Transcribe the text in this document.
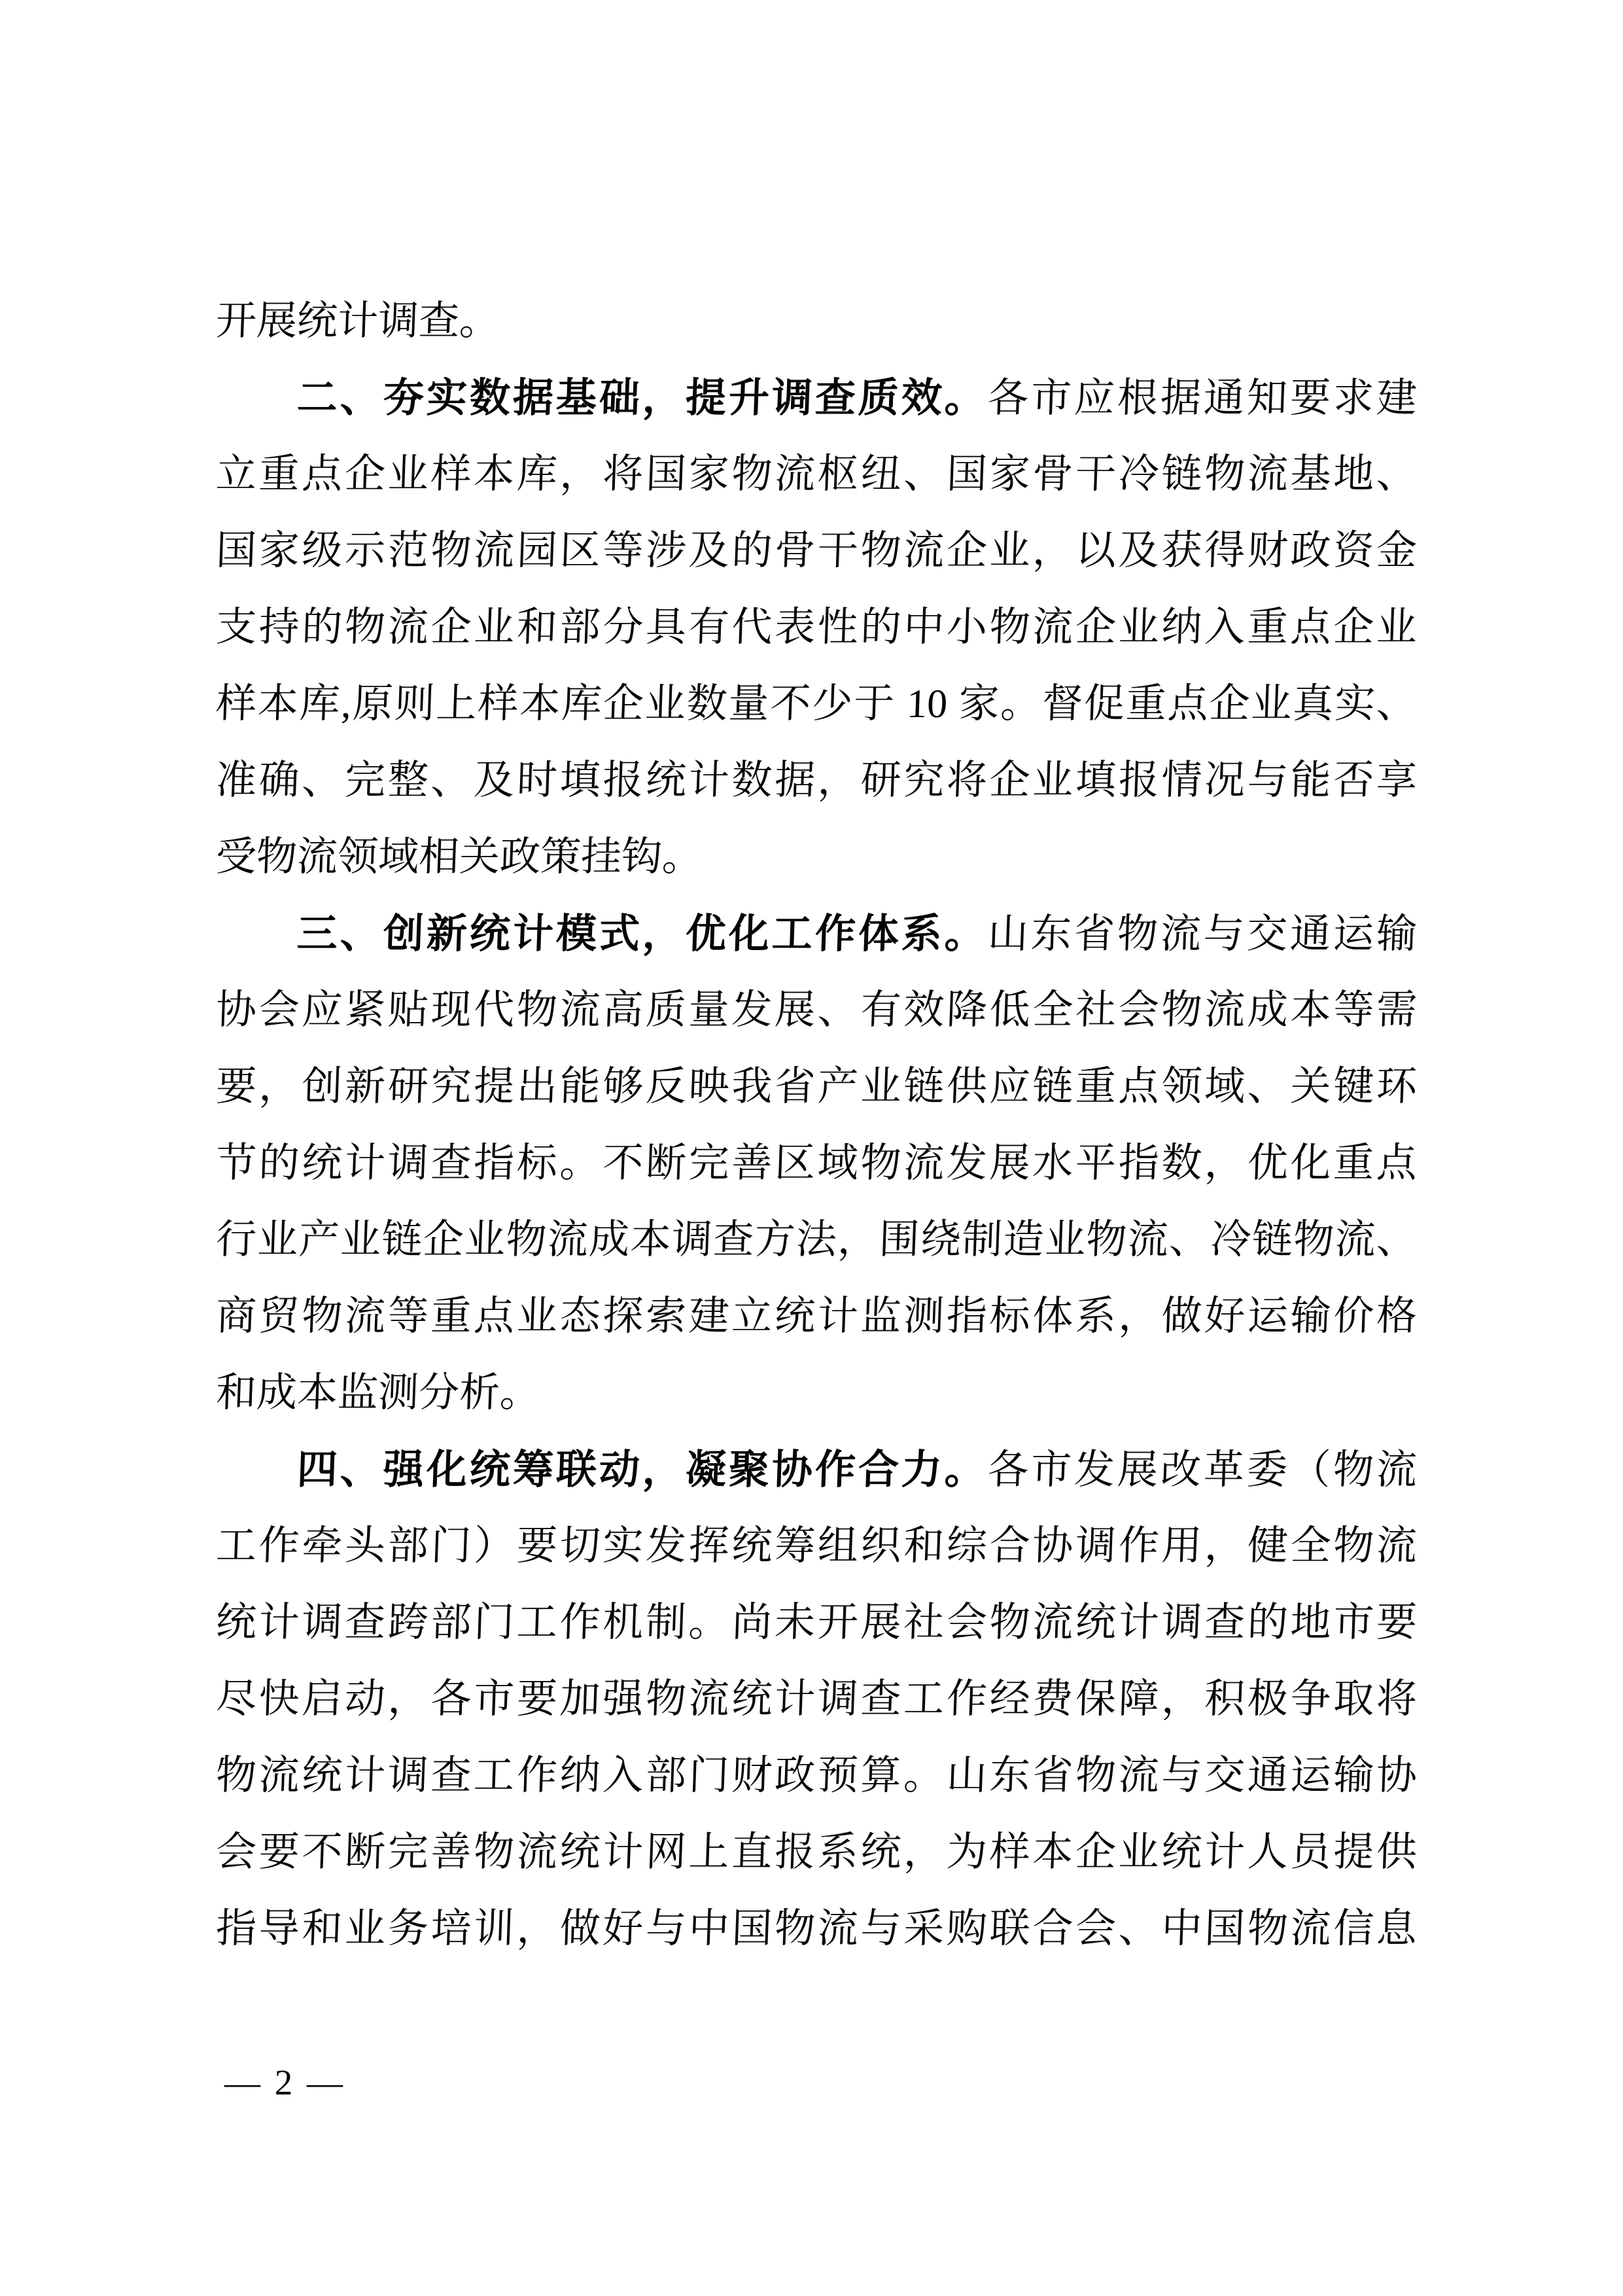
开展统计调查。
二、夯实数据基础，提升调查质效。各市应根据通知要求建
立重点企业样本库，将国家物流枢纽、国家骨干冷链物流基地、
国家级示范物流园区等涉及的骨干物流企业，以及获得财政资金
支持的物流企业和部分具有代表性的中小物流企业纳入重点企业
样本库,原则上样本库企业数量不少于 10 家。督促重点企业真实、
准确、完整、及时填报统计数据，研究将企业填报情况与能否享
受物流领域相关政策挂钩。
三、创新统计模式，优化工作体系。山东省物流与交通运输
协会应紧贴现代物流高质量发展、有效降低全社会物流成本等需
要，创新研究提出能够反映我省产业链供应链重点领域、关键环
节的统计调查指标。不断完善区域物流发展水平指数，优化重点
行业产业链企业物流成本调查方法，围绕制造业物流、冷链物流、
商贸物流等重点业态探索建立统计监测指标体系，做好运输价格
和成本监测分析。
四、强化统筹联动，凝聚协作合力。各市发展改革委（物流
工作牵头部门）要切实发挥统筹组织和综合协调作用，健全物流
统计调查跨部门工作机制。尚未开展社会物流统计调查的地市要
尽快启动，各市要加强物流统计调查工作经费保障，积极争取将
物流统计调查工作纳入部门财政预算。山东省物流与交通运输协
会要不断完善物流统计网上直报系统，为样本企业统计人员提供
指导和业务培训，做好与中国物流与采购联合会、中国物流信息
— 2 —
